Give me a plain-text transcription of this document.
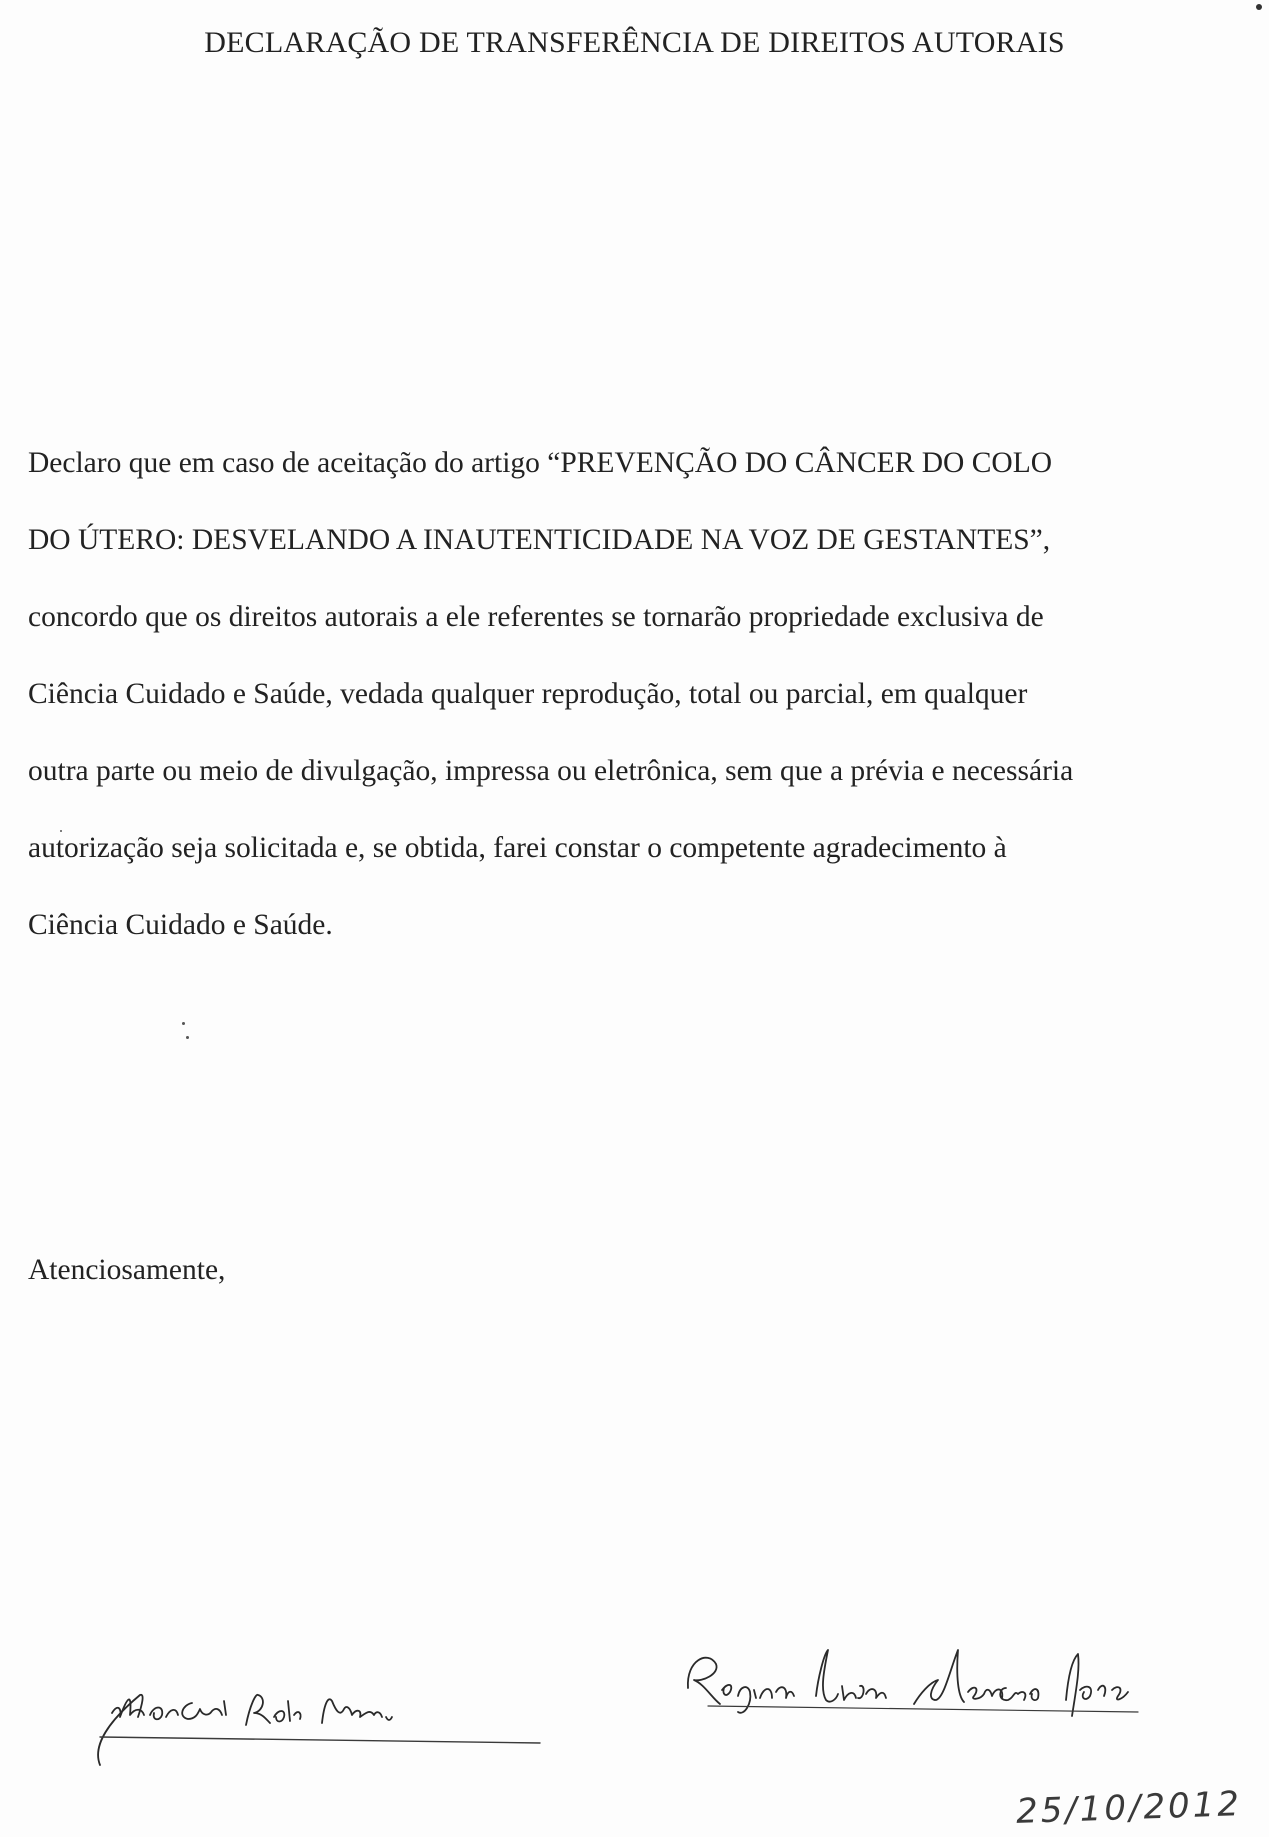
DECLARAÇÃO DE TRANSFERÊNCIA DE DIREITOS AUTORAIS
Declaro que em caso de aceitação do artigo “PREVENÇÃO DO CÂNCER DO COLO
DO ÚTERO: DESVELANDO A INAUTENTICIDADE NA VOZ DE GESTANTES”,
concordo que os direitos autorais a ele referentes se tornarão propriedade exclusiva de
Ciência Cuidado e Saúde, vedada qualquer reprodução, total ou parcial, em qualquer
outra parte ou meio de divulgação, impressa ou eletrônica, sem que a prévia e necessária
autorização seja solicitada e, se obtida, farei constar o competente agradecimento à
Ciência Cuidado e Saúde.
Atenciosamente,
25/10/2012
